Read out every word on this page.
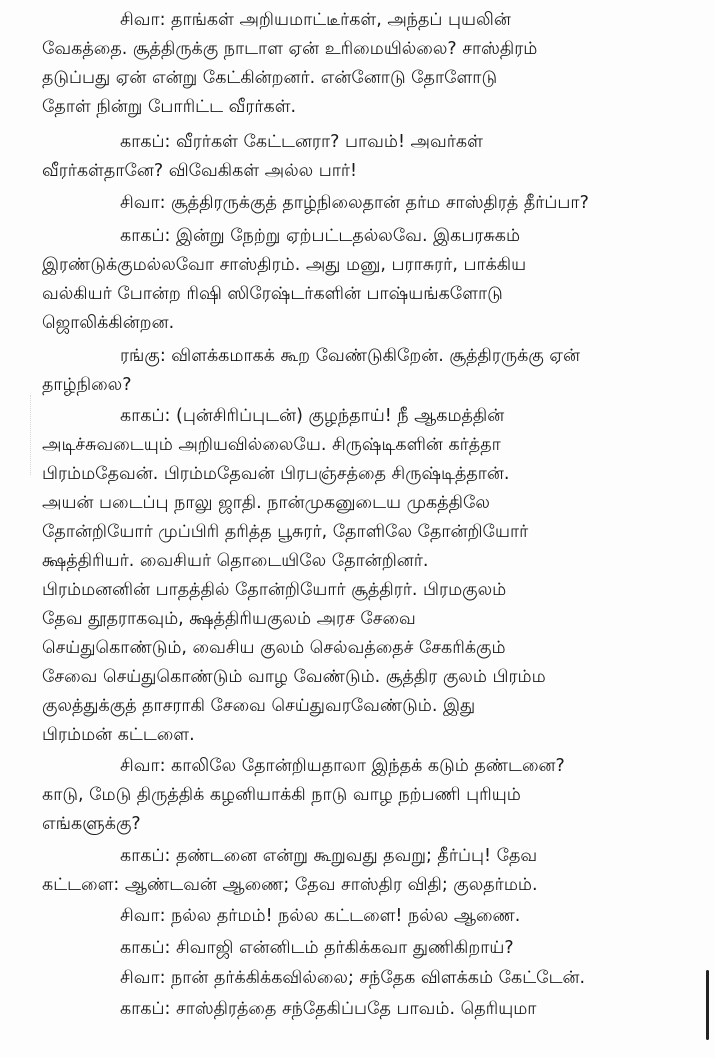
சிவா: தாங்கள் அறியமாட்டீர்கள், அந்தப் புயலின்
வேகத்தை. சூத்திருக்கு நாடாள ஏன் உரிமையில்லை? சாஸ்திரம்
தடுப்பது ஏன் என்று கேட்கின்றனர். என்னோடு தோளோடு
தோள் நின்று போரிட்ட வீரர்கள்.
காகப்: வீரர்கள் கேட்டனரா? பாவம்! அவர்கள்
வீரர்கள்தானே? விவேகிகள் அல்ல பார்!
சிவா: சூத்திரருக்குத் தாழ்நிலைதான் தர்ம சாஸ்திரத் தீர்ப்பா?
காகப்: இன்று நேற்று ஏற்பட்டதல்லவே. இகபரசுகம்
இரண்டுக்குமல்லவோ சாஸ்திரம். அது மனு, பராசுரர், பாக்கிய
வல்கியர் போன்ற ரிஷி ஸிரேஷ்டர்களின் பாஷ்யங்களோடு
ஜொலிக்கின்றன.
ரங்கு: விளக்கமாகக் கூற வேண்டுகிறேன். சூத்திரருக்கு ஏன்
தாழ்நிலை?
காகப்: (புன்சிரிப்புடன்) குழந்தாய்! நீ ஆகமத்தின்
அடிச்சுவடையும் அறியவில்லையே. சிருஷ்டிகளின் கர்த்தா
பிரம்மதேவன். பிரம்மதேவன் பிரபஞ்சத்தை சிருஷ்டித்தான்.
அயன் படைப்பு நாலு ஜாதி. நான்முகனுடைய முகத்திலே
தோன்றியோர் முப்பிரி தரித்த பூசுரர், தோளிலே தோன்றியோர்
க்ஷத்திரியர். வைசியர் தொடையிலே தோன்றினர்.
பிரம்மனனின் பாதத்தில் தோன்றியோர் சூத்திரர். பிரமகுலம்
தேவ தூதராகவும், க்ஷத்திரியகுலம் அரச சேவை
செய்துகொண்டும், வைசிய குலம் செல்வத்தைச் சேகரிக்கும்
சேவை செய்துகொண்டும் வாழ வேண்டும். சூத்திர குலம் பிரம்ம
குலத்துக்குத் தாசராகி சேவை செய்துவரவேண்டும். இது
பிரம்மன் கட்டளை.
சிவா: காலிலே தோன்றியதாலா இந்தக் கடும் தண்டனை?
காடு, மேடு திருத்திக் கழனியாக்கி நாடு வாழ நற்பணி புரியும்
எங்களுக்கு?
காகப்: தண்டனை என்று கூறுவது தவறு; தீர்ப்பு! தேவ
கட்டளை: ஆண்டவன் ஆணை; தேவ சாஸ்திர விதி; குலதர்மம்.
சிவா: நல்ல தர்மம்! நல்ல கட்டளை! நல்ல ஆணை.
காகப்: சிவாஜி என்னிடம் தர்கிக்கவா துணிகிறாய்?
சிவா: நான் தர்க்கிக்கவில்லை; சந்தேக விளக்கம் கேட்டேன்.
காகப்: சாஸ்திரத்தை சந்தேகிப்பதே பாவம். தெரியுமா
